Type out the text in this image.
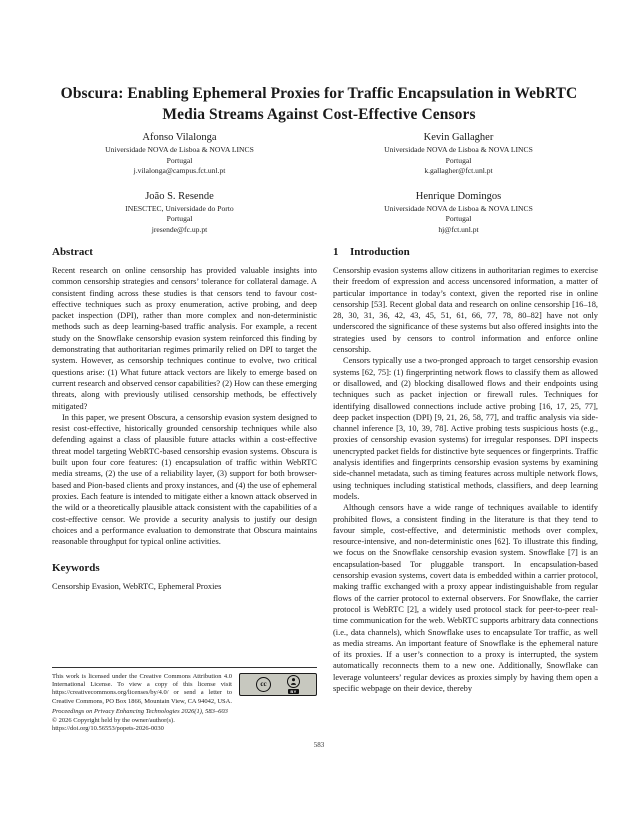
Obscura: Enabling Ephemeral Proxies for Traffic Encapsulation in WebRTC Media Streams Against Cost-Effective Censors
Afonso Vilalonga
Universidade NOVA de Lisboa & NOVA LINCS
Portugal
j.vilalonga@campus.fct.unl.pt
Kevin Gallagher
Universidade NOVA de Lisboa & NOVA LINCS
Portugal
k.gallagher@fct.unl.pt
João S. Resende
INESCTEC, Universidade do Porto
Portugal
jresende@fc.up.pt
Henrique Domingos
Universidade NOVA de Lisboa & NOVA LINCS
Portugal
hj@fct.unl.pt
Abstract

Recent research on online censorship has provided valuable insights into common censorship strategies and censors’ tolerance for collateral damage. A consistent finding across these studies is that censors tend to favour cost-effective techniques such as proxy enumeration, active probing, and deep packet inspection (DPI), rather than more complex and non-deterministic methods such as deep learning-based traffic analysis. For example, a recent study on the Snowflake censorship evasion system reinforced this finding by demonstrating that authoritarian regimes primarily relied on DPI to target the system. However, as censorship techniques continue to evolve, two critical questions arise: (1) What future attack vectors are likely to emerge based on current research and observed censor capabilities? (2) How can these emerging threats, along with previously utilised censorship methods, be effectively mitigated?

In this paper, we present Obscura, a censorship evasion system designed to resist cost-effective, historically grounded censorship techniques while also defending against a class of plausible future attacks within a cost-effective threat model targeting WebRTC-based censorship evasion systems. Obscura is built upon four core features: (1) encapsulation of traffic within WebRTC media streams, (2) the use of a reliability layer, (3) support for both browser-based and Pion-based clients and proxy instances, and (4) the use of ephemeral proxies. Each feature is intended to mitigate either a known attack observed in the wild or a theoretically plausible attack consistent with the capabilities of a cost-effective censor. We provide a security analysis to justify our design choices and a performance evaluation to demonstrate that Obscura maintains reasonable throughput for typical online activities.

Keywords

Censorship Evasion, WebRTC, Ephemeral Proxies

1 Introduction

Censorship evasion systems allow citizens in authoritarian regimes to exercise their freedom of expression and access uncensored information, a matter of particular importance in today’s context, given the reported rise in online censorship [53]. Recent global data and research on online censorship [16–18, 28, 30, 31, 36, 42, 43, 45, 51, 61, 66, 77, 78, 80–82] have not only underscored the significance of these systems but also offered insights into the strategies used by censors to control information and enforce online censorship.

Censors typically use a two-pronged approach to target censorship evasion systems [62, 75]: (1) fingerprinting network flows to classify them as allowed or disallowed, and (2) blocking disallowed flows and their endpoints using techniques such as packet injection or firewall rules. Techniques for identifying disallowed connections include active probing [16, 17, 25, 77], deep packet inspection (DPI) [9, 21, 26, 58, 77], and traffic analysis via side-channel inference [3, 10, 39, 78]. Active probing tests suspicious hosts (e.g., proxies of censorship evasion systems) for irregular responses. DPI inspects unencrypted packet fields for distinctive byte sequences or fingerprints. Traffic analysis identifies and fingerprints censorship evasion systems by examining side-channel metadata, such as timing features across multiple network flows, using techniques including statistical methods, classifiers, and deep learning models.

Although censors have a wide range of techniques available to identify prohibited flows, a consistent finding in the literature is that they tend to favour simple, cost-effective, and deterministic methods over complex, resource-intensive, and non-deterministic ones [62]. To illustrate this finding, we focus on the Snowflake censorship evasion system. Snowflake [7] is an encapsulation-based Tor pluggable transport. In encapsulation-based censorship evasion systems, covert data is embedded within a carrier protocol, making traffic exchanged with a proxy appear indistinguishable from regular flows of the carrier protocol to external observers. For Snowflake, the carrier protocol is WebRTC [2], a widely used protocol stack for peer-to-peer real-time communication for the web. WebRTC supports arbitrary data connections (i.e., data channels), which Snowflake uses to encapsulate Tor traffic, as well as media streams. An important feature of Snowflake is the ephemeral nature of its proxies. If a user’s connection to a proxy is interrupted, the system automatically reconnects them to a new one. Additionally, Snowflake can leverage volunteers’ regular devices as proxies simply by having them open a specific webpage on their device, thereby

cc
BY
This work is licensed under the Creative Commons Attribution 4.0 International License. To view a copy of this license visit https://creativecommons.org/licenses/by/4.0/ or send a letter to Creative Commons, PO Box 1866, Mountain View, CA 94042, USA.
Proceedings on Privacy Enhancing Technologies 2026(1), 583–603
© 2026 Copyright held by the owner/author(s).
https://doi.org/10.56553/popets-2026-0030
583
